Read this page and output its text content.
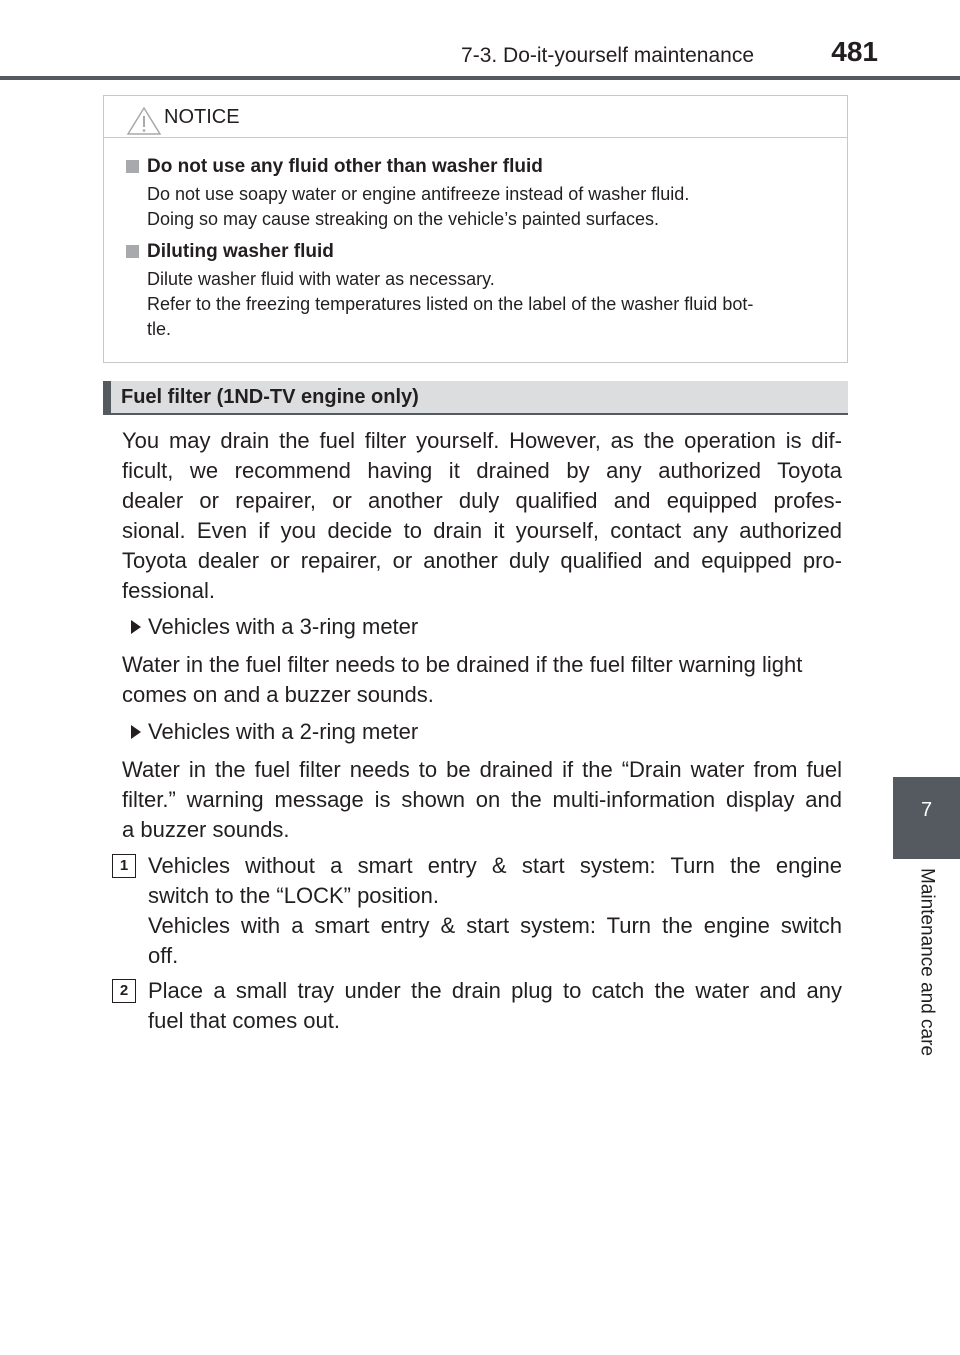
7-3. Do-it-yourself maintenance	481
7
Maintenance and care
NOTICE
Do not use any fluid other than washer fluid
Do not use soapy water or engine antifreeze instead of washer fluid.
Doing so may cause streaking on the vehicle’s painted surfaces.
Diluting washer fluid
Dilute washer fluid with water as necessary.
Refer to the freezing temperatures listed on the label of the washer fluid bot-
tle.
Fuel filter (1ND-TV engine only)
You may drain the fuel filter yourself. However, as the operation is dif-
ficult, we recommend having it drained by any authorized Toyota
dealer or repairer, or another duly qualified and equipped profes-
sional. Even if you decide to drain it yourself, contact any authorized
Toyota dealer or repairer, or another duly qualified and equipped pro-
fessional.
Vehicles with a 3-ring meter
Water in the fuel filter needs to be drained if the fuel filter warning light
comes on and a buzzer sounds.
Vehicles with a 2-ring meter
Water in the fuel filter needs to be drained if the “Drain water from fuel
filter.” warning message is shown on the multi-information display and
a buzzer sounds.
1 Vehicles without a smart entry & start system: Turn the engine
switch to the “LOCK” position.
Vehicles with a smart entry & start system: Turn the engine switch
off.
2 Place a small tray under the drain plug to catch the water and any
fuel that comes out.
